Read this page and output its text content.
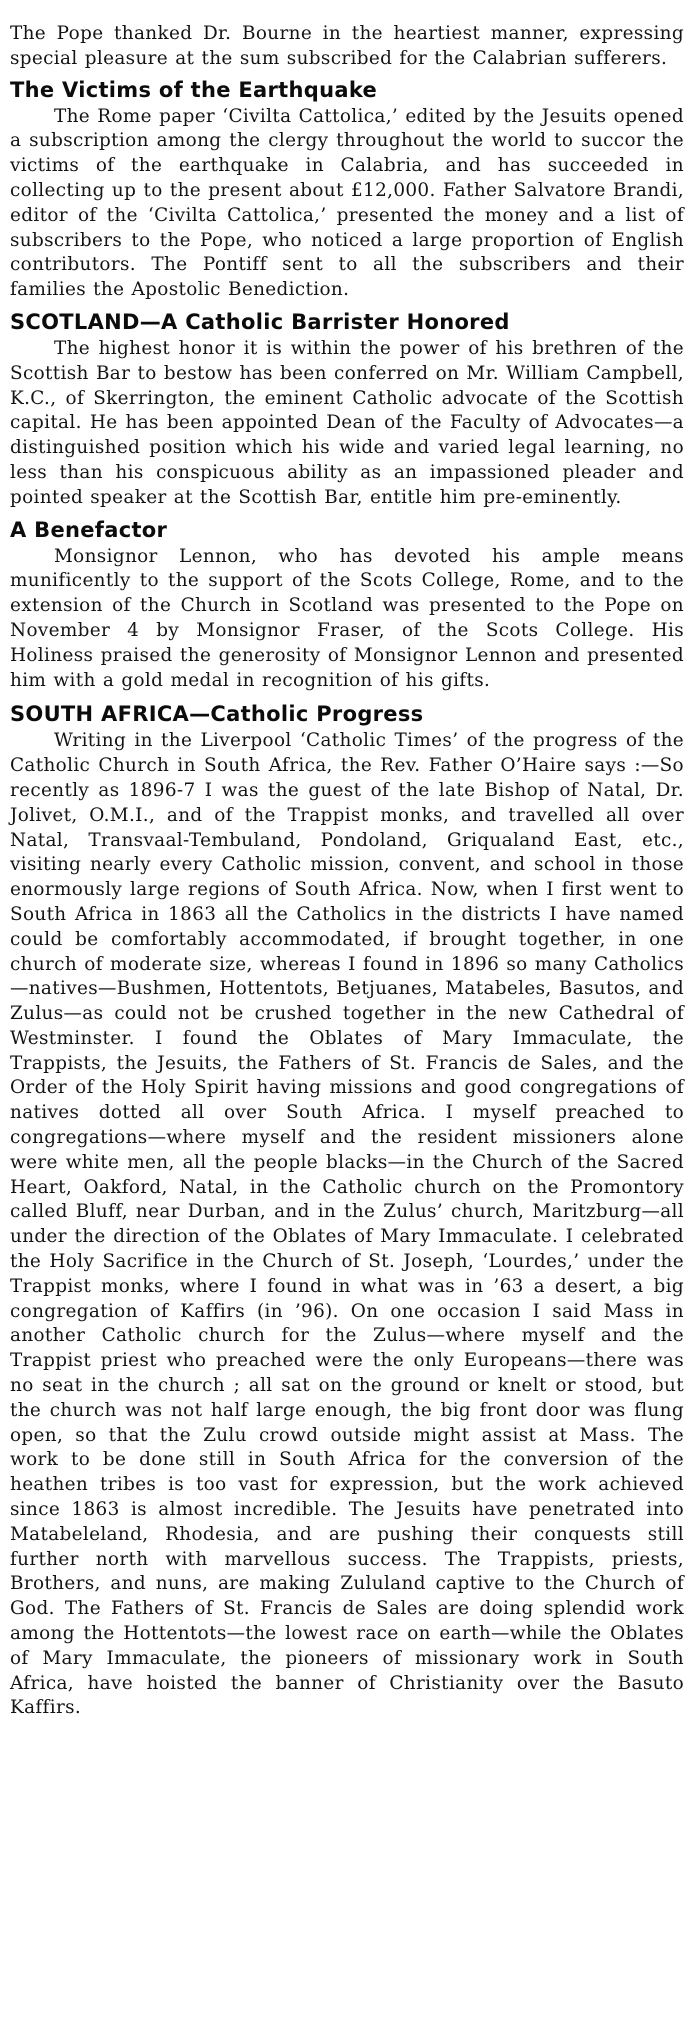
The Pope thanked Dr. Bourne in the heartiest manner, expressing special pleasure at the sum subscribed for the Calabrian sufferers.

The Victims of the Earthquake

The Rome paper ‘Civilta Cattolica,’ edited by the Jesuits opened a subscription among the clergy throughout the world to succor the victims of the earthquake in Calabria, and has succeeded in collecting up to the present about £12,000. Father Salvatore Brandi, editor of the ‘Civilta Cattolica,’ presented the money and a list of subscribers to the Pope, who noticed a large proportion of English contributors. The Pontiff sent to all the subscribers and their families the Apostolic Benediction.

SCOTLAND—A Catholic Barrister Honored

The highest honor it is within the power of his brethren of the Scottish Bar to bestow has been conferred on Mr. William Campbell, K.C., of Skerrington, the eminent Catholic advocate of the Scottish capital. He has been appointed Dean of the Faculty of Advocates—a distinguished position which his wide and varied legal learning, no less than his conspicuous ability as an impassioned pleader and pointed speaker at the Scottish Bar, entitle him pre-eminently.

A Benefactor

Monsignor Lennon, who has devoted his ample means munificently to the support of the Scots College, Rome, and to the extension of the Church in Scotland was presented to the Pope on November 4 by Monsignor Fraser, of the Scots College. His Holiness praised the generosity of Monsignor Lennon and presented him with a gold medal in recognition of his gifts.

SOUTH AFRICA—Catholic Progress

Writing in the Liverpool ‘Catholic Times’ of the progress of the Catholic Church in South Africa, the Rev. Father O’Haire says :—So recently as 1896-7 I was the guest of the late Bishop of Natal, Dr. Jolivet, O.M.I., and of the Trappist monks, and travelled all over Natal, Transvaal-Tembuland, Pondoland, Griqualand East, etc., visiting nearly every Catholic mission, convent, and school in those enormously large regions of South Africa. Now, when I first went to South Africa in 1863 all the Catholics in the districts I have named could be comfortably accommodated, if brought together, in one church of moderate size, whereas I found in 1896 so many Catholics—natives—Bushmen, Hottentots, Betjuanes, Matabeles, Basutos, and Zulus—as could not be crushed together in the new Cathedral of Westminster. I found the Oblates of Mary Immaculate, the Trappists, the Jesuits, the Fathers of St. Francis de Sales, and the Order of the Holy Spirit having missions and good congregations of natives dotted all over South Africa. I myself preached to congregations—where myself and the resident missioners alone were white men, all the people blacks—in the Church of the Sacred Heart, Oakford, Natal, in the Catholic church on the Promontory called Bluff, near Durban, and in the Zulus’ church, Maritzburg—all under the direction of the Oblates of Mary Immaculate. I celebrated the Holy Sacrifice in the Church of St. Joseph, ‘Lourdes,’ under the Trappist monks, where I found in what was in ’63 a desert, a big congregation of Kaffirs (in ’96). On one occasion I said Mass in another Catholic church for the Zulus—where myself and the Trappist priest who preached were the only Europeans—there was no seat in the church ; all sat on the ground or knelt or stood, but the church was not half large enough, the big front door was flung open, so that the Zulu crowd outside might assist at Mass. The work to be done still in South Africa for the conversion of the heathen tribes is too vast for expression, but the work achieved since 1863 is almost incredible. The Jesuits have penetrated into Matabeleland, Rhodesia, and are pushing their conquests still further north with marvellous success. The Trappists, priests, Brothers, and nuns, are making Zululand captive to the Church of God. The Fathers of St. Francis de Sales are doing splendid work among the Hottentots—the lowest race on earth—while the Oblates of Mary Immaculate, the pioneers of missionary work in South Africa, have hoisted the banner of Christianity over the Basuto Kaffirs.
